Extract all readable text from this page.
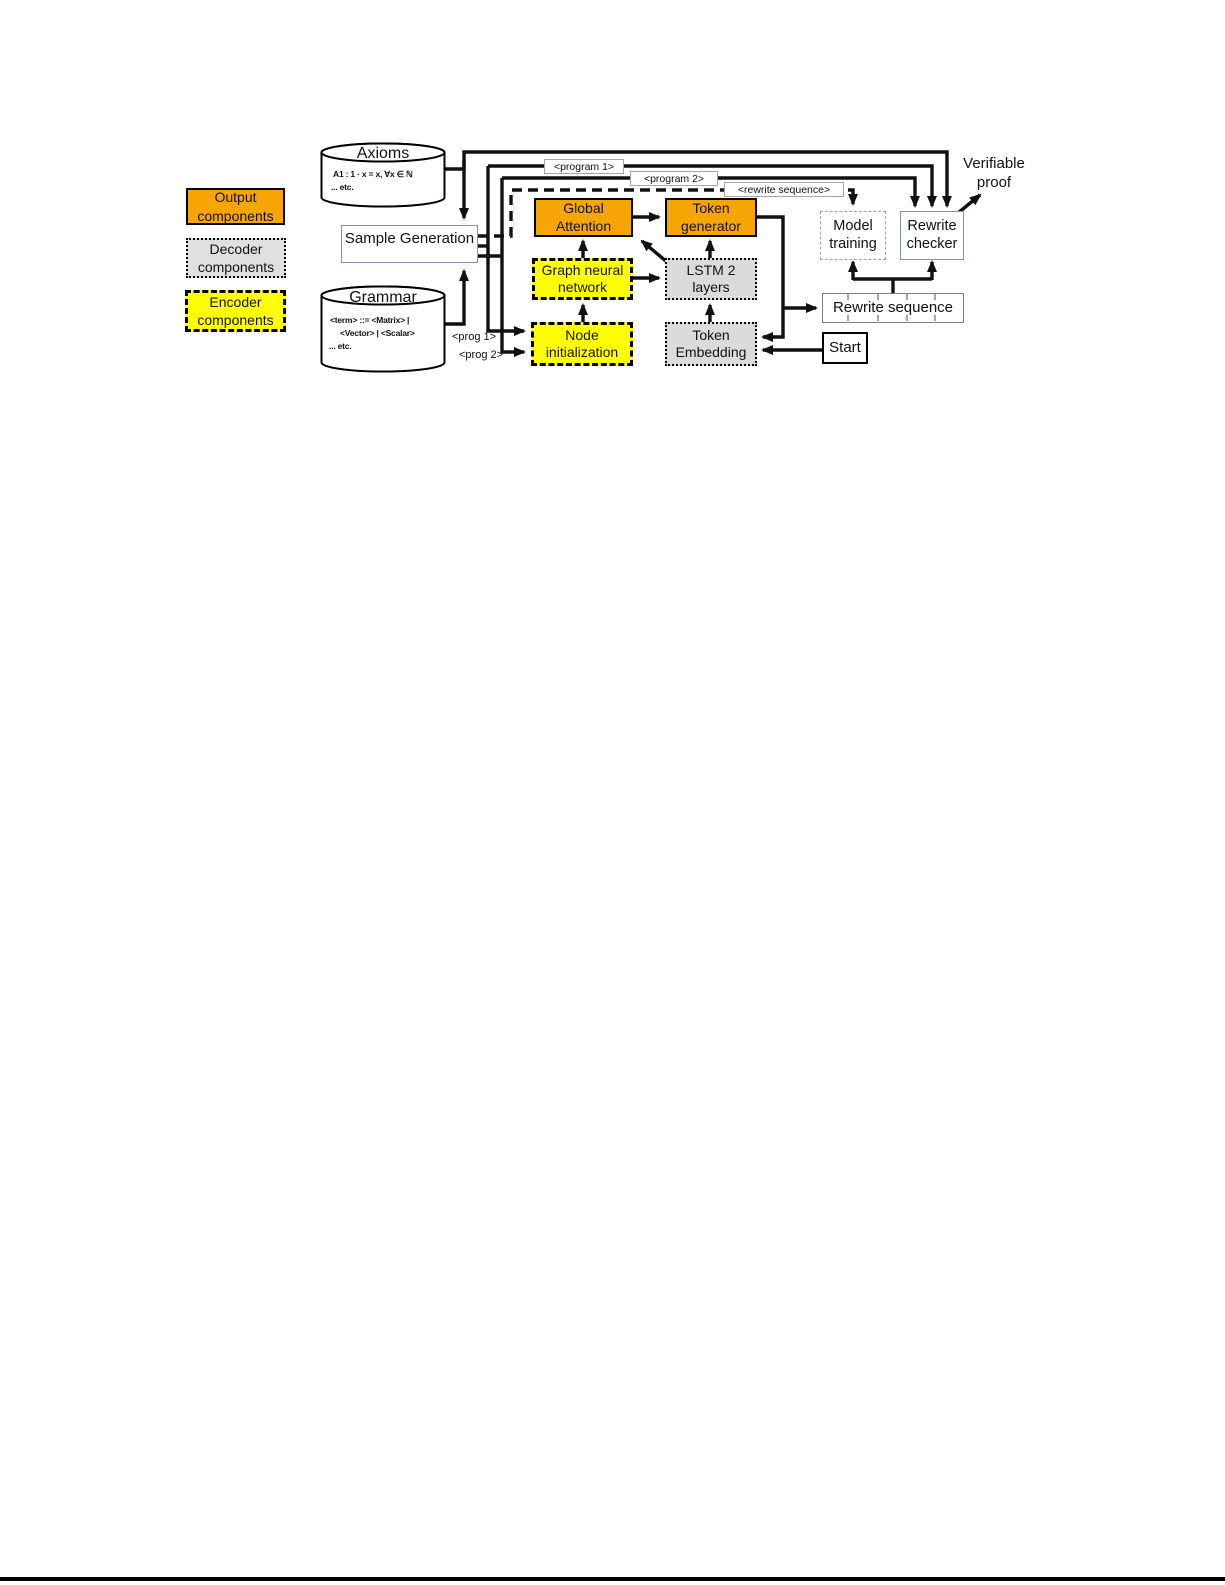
Output components
Decoder components
Encoder components
Axioms
A1 : 1 · x = x, ∀x ∈ ℕ
... etc.
Grammar
<term> ::= <Matrix> |
<Vector> | <Scalar>
... etc.
Sample Generation
Global Attention
Token generator
Graph neural network
LSTM 2 layers
Node initialization
Token Embedding
Model training
Rewrite checker
Rewrite sequence
Start
<program 1>
<program 2>
<rewrite sequence>
<prog 1>
<prog 2>
Verifiable proof
